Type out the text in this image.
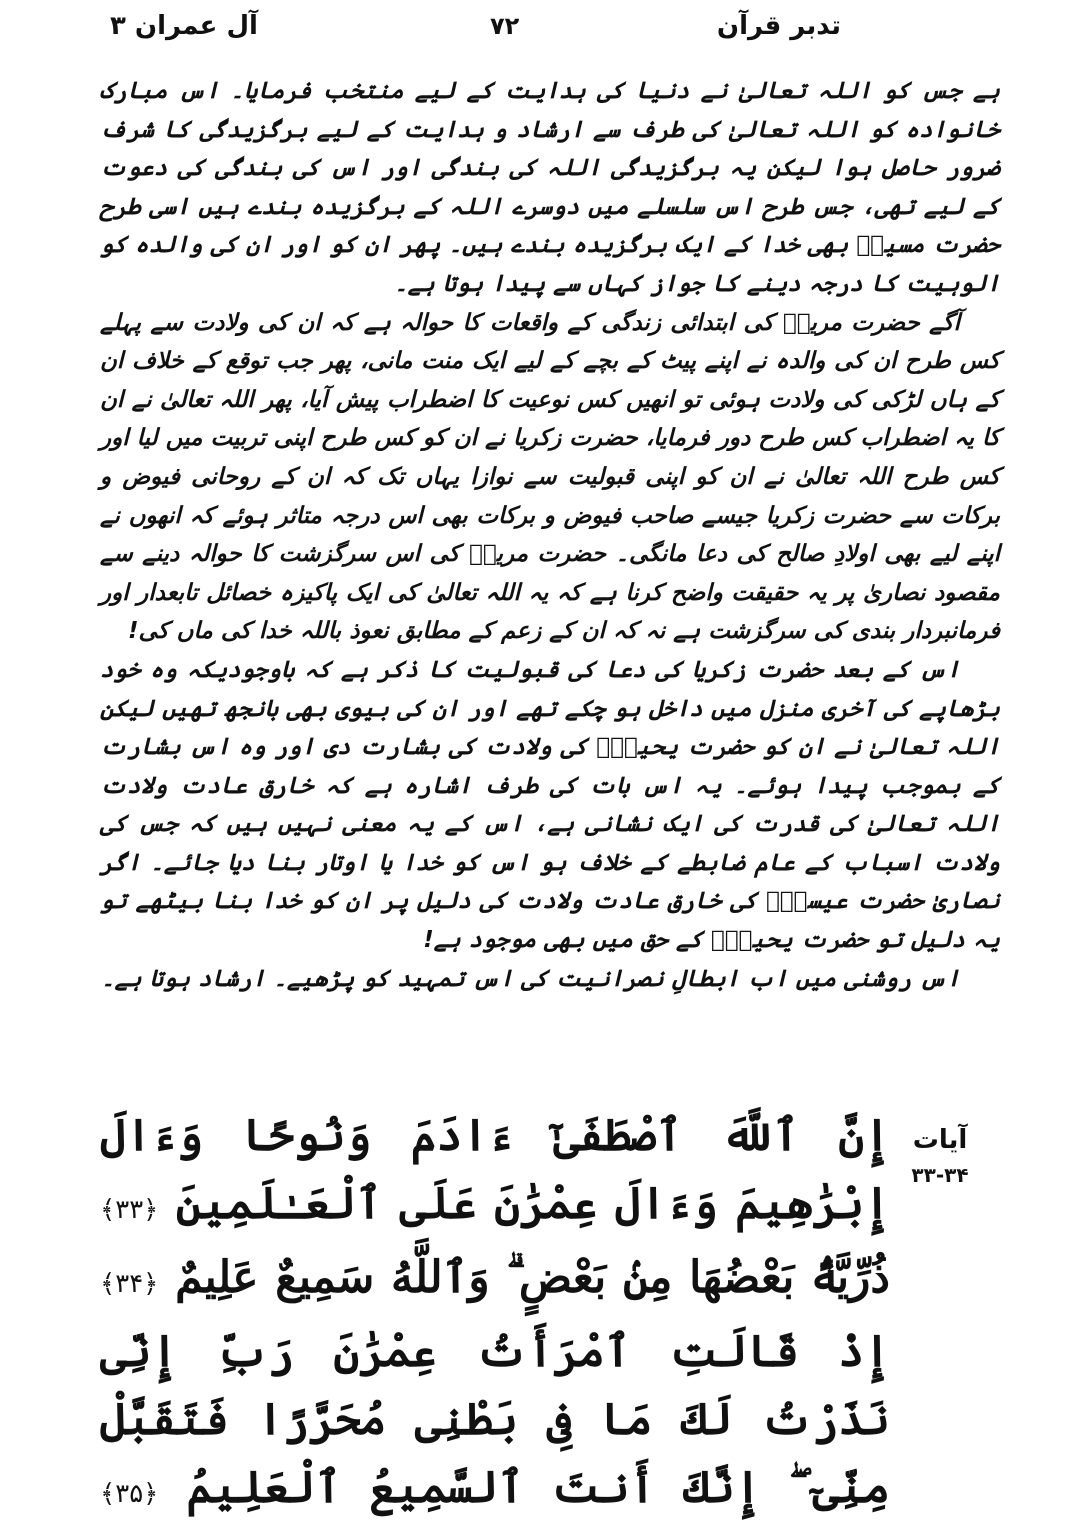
تدبر قرآن
۷۲
آل عمران ۳

ہے جس کو اللہ تعالیٰ نے دنیا کی ہدایت کے لیے منتخب فرمایا۔ اس مبارک خانوادہ کو اللہ تعالیٰ کی طرف سے ارشاد و ہدایت کے لیے برگزیدگی کا شرف ضرور حاصل ہوا لیکن یہ برگزیدگی اللہ کی بندگی اور اس کی بندگی کی دعوت کے لیے تھی، جس طرح اس سلسلے میں دوسرے اللہ کے برگزیدہ بندے ہیں اسی طرح حضرت مسیحؑ بھی خدا کے ایک برگزیدہ بندے ہیں۔ پھر ان کو اور ان کی والدہ کو الوہیت کا درجہ دینے کا جواز کہاں سے پیدا ہوتا ہے۔

آگے حضرت مریمؑ کی ابتدائی زندگی کے واقعات کا حوالہ ہے کہ ان کی ولادت سے پہلے کس طرح ان کی والدہ نے اپنے پیٹ کے بچے کے لیے ایک منت مانی، پھر جب توقع کے خلاف ان کے ہاں لڑکی کی ولادت ہوئی تو انھیں کس نوعیت کا اضطراب پیش آیا، پھر اللہ تعالیٰ نے ان کا یہ اضطراب کس طرح دور فرمایا، حضرت زکریا نے ان کو کس طرح اپنی تربیت میں لیا اور کس طرح اللہ تعالیٰ نے ان کو اپنی قبولیت سے نوازا یہاں تک کہ ان کے روحانی فیوض و برکات سے حضرت زکریا جیسے صاحب فیوض و برکات بھی اس درجہ متاثر ہوئے کہ انھوں نے اپنے لیے بھی اولادِ صالح کی دعا مانگی۔ حضرت مریمؑ کی اس سرگزشت کا حوالہ دینے سے مقصود نصاریٰ پر یہ حقیقت واضح کرنا ہے کہ یہ اللہ تعالیٰ کی ایک پاکیزہ خصائل تابعدار اور فرمانبردار بندی کی سرگزشت ہے نہ کہ ان کے زعم کے مطابق نعوذ باللہ خدا کی ماں کی!

اس کے بعد حضرت زکریا کی دعا کی قبولیت کا ذکر ہے کہ باوجودیکہ وہ خود بڑھاپے کی آخری منزل میں داخل ہو چکے تھے اور ان کی بیوی بھی بانجھ تھیں لیکن اللہ تعالیٰ نے ان کو حضرت یحییٰؑ کی ولادت کی بشارت دی اور وہ اس بشارت کے بموجب پیدا ہوئے۔ یہ اس بات کی طرف اشارہ ہے کہ خارق عادت ولادت اللہ تعالیٰ کی قدرت کی ایک نشانی ہے، اس کے یہ معنی نہیں ہیں کہ جس کی ولادت اسباب کے عام ضابطے کے خلاف ہو اس کو خدا یا اوتار بنا دیا جائے۔ اگر نصاریٰ حضرت عیسیٰؑ کی خارق عادت ولادت کی دلیل پر ان کو خدا بنا بیٹھے تو یہ دلیل تو حضرت یحییٰؑ کے حق میں بھی موجود ہے!

اس روشنی میں اب ابطالِ نصرانیت کی اس تمہید کو پڑھیے۔ ارشاد ہوتا ہے۔

آیات
۳۳-۳۴

إِنَّ ٱللَّهَ ٱصْطَفَىٰٓ ءَادَمَ وَنُوحًا وَءَالَ إِبْرَٰهِيمَ وَءَالَ عِمْرَٰنَ عَلَى ٱلْعَـٰلَمِينَ ﴿۳۳﴾ ذُرِّيَّةًۢ بَعْضُهَا مِنۢ بَعْضٍ ۗ وَٱللَّهُ سَمِيعٌ عَلِيمٌ ﴿۳۴﴾ إِذْ قَالَتِ ٱمْرَأَتُ عِمْرَٰنَ رَبِّ إِنِّى نَذَرْتُ لَكَ مَا فِى بَطْنِى مُحَرَّرًا فَتَقَبَّلْ مِنِّىٓ ۖ إِنَّكَ أَنتَ ٱلسَّمِيعُ ٱلْعَلِيمُ ﴿۳۵﴾
